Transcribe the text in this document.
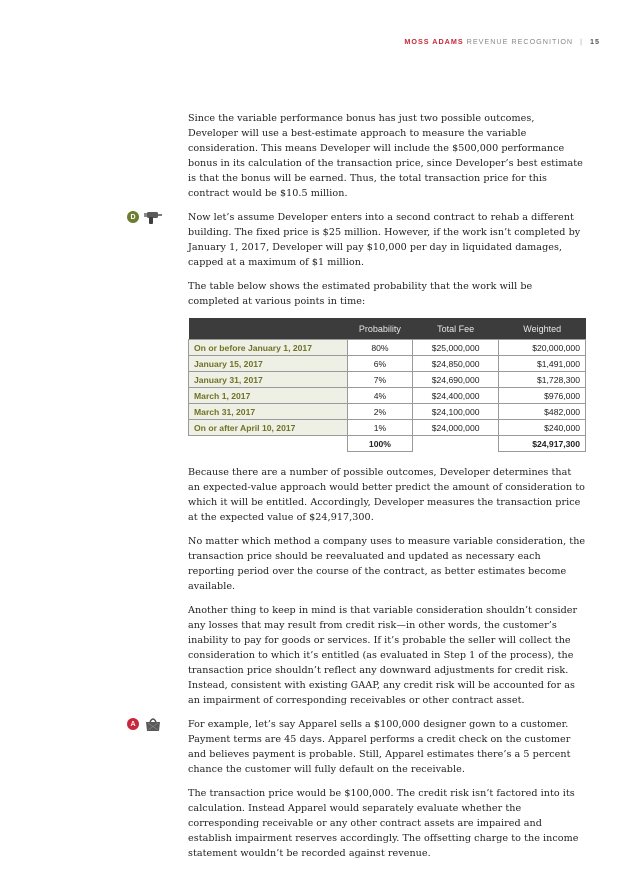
MOSS ADAMS REVENUE RECOGNITION | 15

Since the variable performance bonus has just two possible outcomes, Developer will use a best-estimate approach to measure the variable consideration. This means Developer will include the $500,000 performance bonus in its calculation of the transaction price, since Developer’s best estimate is that the bonus will be earned. Thus, the total transaction price for this contract would be $10.5 million.

D	Now let’s assume Developer enters into a second contract to rehab a different building. The fixed price is $25 million. However, if the work isn’t completed by January 1, 2017, Developer will pay $10,000 per day in liquidated damages, capped at a maximum of $1 million.

The table below shows the estimated probability that the work will be completed at various points in time:

	Probability	Total Fee	Weighted
On or before January 1, 2017	80%	$25,000,000	$20,000,000
January 15, 2017	6%	$24,850,000	$1,491,000
January 31, 2017	7%	$24,690,000	$1,728,300
March 1, 2017	4%	$24,400,000	$976,000
March 31, 2017	2%	$24,100,000	$482,000
On or after April 10, 2017	1%	$24,000,000	$240,000
	100%		$24,917,300

Because there are a number of possible outcomes, Developer determines that an expected-value approach would better predict the amount of consideration to which it will be entitled. Accordingly, Developer measures the transaction price at the expected value of $24,917,300.

No matter which method a company uses to measure variable consideration, the transaction price should be reevaluated and updated as necessary each reporting period over the course of the contract, as better estimates become available.

Another thing to keep in mind is that variable consideration shouldn’t consider any losses that may result from credit risk—in other words, the customer’s inability to pay for goods or services. If it’s probable the seller will collect the consideration to which it’s entitled (as evaluated in Step 1 of the process), the transaction price shouldn’t reflect any downward adjustments for credit risk. Instead, consistent with existing GAAP, any credit risk will be accounted for as an impairment of corresponding receivables or other contract asset.

A	For example, let’s say Apparel sells a $100,000 designer gown to a customer. Payment terms are 45 days. Apparel performs a credit check on the customer and believes payment is probable. Still, Apparel estimates there’s a 5 percent chance the customer will fully default on the receivable.

The transaction price would be $100,000. The credit risk isn’t factored into its calculation. Instead Apparel would separately evaluate whether the corresponding receivable or any other contract assets are impaired and establish impairment reserves accordingly. The offsetting charge to the income statement wouldn’t be recorded against revenue.
